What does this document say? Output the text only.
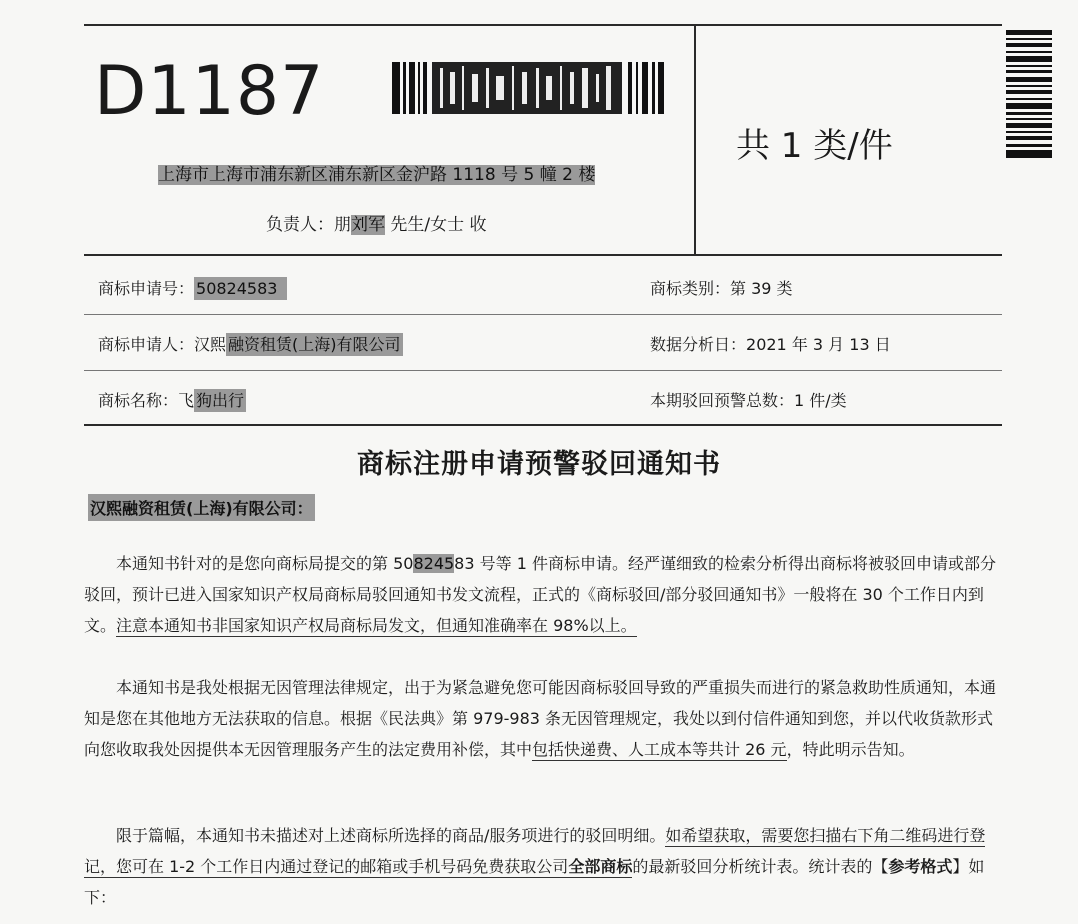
D1187
上海市上海市浦东新区浦东新区金沪路 1118 号 5 幢 2 楼
负责人：朋刘军 先生/女士 收
共 1 类/件
商标申请号： 50824583	商标类别：第 39 类
商标申请人：汉熙 融资租赁(上海)有限公司	数据分析日：2021 年 3 月 13 日
商标名称：飞 狗出行	本期驳回预警总数：1 件/类
商标注册申请预警驳回通知书
汉熙融资租赁(上海)有限公司：

本通知书针对的是您向商标局提交的第 50824583 号等 1 件商标申请。经严谨细致的检索分析得出商标将被驳回申请或部分驳回，预计已进入国家知识产权局商标局驳回通知书发文流程，正式的《商标驳回/部分驳回通知书》一般将在 30 个工作日内到文。注意本通知书非国家知识产权局商标局发文，但通知准确率在 98%以上。

本通知书是我处根据无因管理法律规定，出于为紧急避免您可能因商标驳回导致的严重损失而进行的紧急救助性质通知，本通知是您在其他地方无法获取的信息。根据《民法典》第 979-983 条无因管理规定，我处以到付信件通知到您，并以代收货款形式向您收取我处因提供本无因管理服务产生的法定费用补偿，其中包括快递费、人工成本等共计 26 元，特此明示告知。

限于篇幅，本通知书未描述对上述商标所选择的商品/服务项进行的驳回明细。如希望获取，需要您扫描右下角二维码进行登记，您可在 1-2 个工作日内通过登记的邮箱或手机号码免费获取公司全部商标的最新驳回分析统计表。统计表的【参考格式】如下：
